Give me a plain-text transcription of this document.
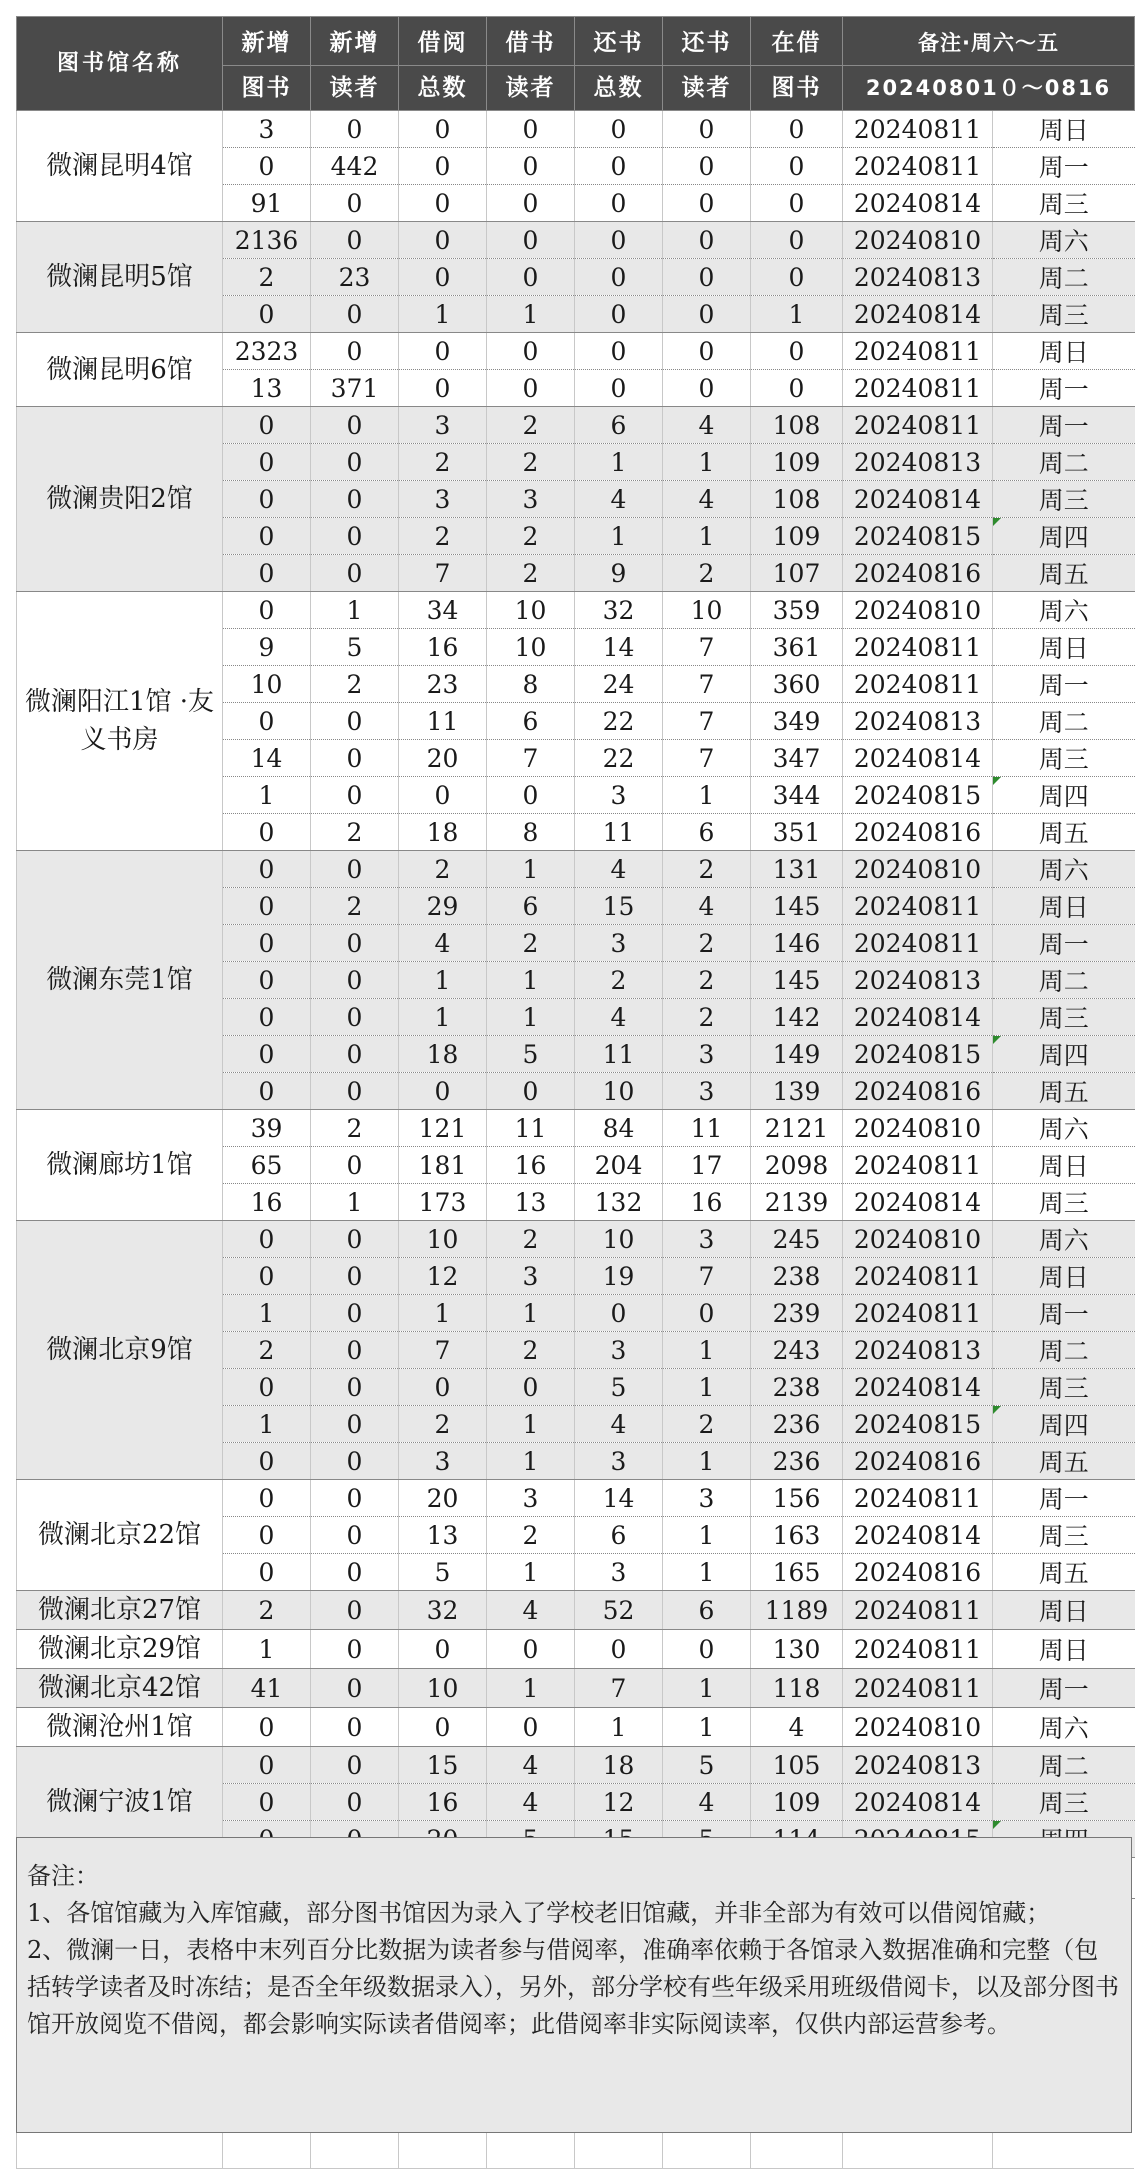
图书馆名称	新增	新增	借阅	借书	还书	还书	在借	备注·周六～五	
	图书	读者	总数	读者	总数	读者	图书	20240801０～0816	
微澜昆明4馆	3	0	0	0	0	0	0	20240811	周日
	0	442	0	0	0	0	0	20240811	周一
	91	0	0	0	0	0	0	20240814	周三
微澜昆明5馆	2136	0	0	0	0	0	0	20240810	周六
	2	23	0	0	0	0	0	20240813	周二
	0	0	1	1	0	0	1	20240814	周三
微澜昆明6馆	2323	0	0	0	0	0	0	20240811	周日
	13	371	0	0	0	0	0	20240811	周一
微澜贵阳2馆	0	0	3	2	6	4	108	20240811	周一
	0	0	2	2	1	1	109	20240813	周二
	0	0	3	3	4	4	108	20240814	周三
	0	0	2	2	1	1	109	20240815	周四
	0	0	7	2	9	2	107	20240816	周五
微澜阳江1馆 ·友义书房	0	1	34	10	32	10	359	20240810	周六
	9	5	16	10	14	7	361	20240811	周日
	10	2	23	8	24	7	360	20240811	周一
	0	0	11	6	22	7	349	20240813	周二
	14	0	20	7	22	7	347	20240814	周三
	1	0	0	0	3	1	344	20240815	周四
	0	2	18	8	11	6	351	20240816	周五
微澜东莞1馆	0	0	2	1	4	2	131	20240810	周六
	0	2	29	6	15	4	145	20240811	周日
	0	0	4	2	3	2	146	20240811	周一
	0	0	1	1	2	2	145	20240813	周二
	0	0	1	1	4	2	142	20240814	周三
	0	0	18	5	11	3	149	20240815	周四
	0	0	0	0	10	3	139	20240816	周五
微澜廊坊1馆	39	2	121	11	84	11	2121	20240810	周六
	65	0	181	16	204	17	2098	20240811	周日
	16	1	173	13	132	16	2139	20240814	周三
微澜北京9馆	0	0	10	2	10	3	245	20240810	周六
	0	0	12	3	19	7	238	20240811	周日
	1	0	1	1	0	0	239	20240811	周一
	2	0	7	2	3	1	243	20240813	周二
	0	0	0	0	5	1	238	20240814	周三
	1	0	2	1	4	2	236	20240815	周四
	0	0	3	1	3	1	236	20240816	周五
微澜北京22馆	0	0	20	3	14	3	156	20240811	周一
	0	0	13	2	6	1	163	20240814	周三
	0	0	5	1	3	1	165	20240816	周五
微澜北京27馆	2	0	32	4	52	6	1189	20240811	周日
微澜北京29馆	1	0	0	0	0	0	130	20240811	周日
微澜北京42馆	41	0	10	1	7	1	118	20240811	周一
微澜沧州1馆	0	0	0	0	1	1	4	20240810	周六
微澜宁波1馆	0	0	15	4	18	5	105	20240813	周二
	0	0	16	4	12	4	109	20240814	周三

备注：

1、各馆馆藏为入库馆藏，部分图书馆因为录入了学校老旧馆藏，并非全部为有效可以借阅馆藏；

2、微澜一日，表格中末列百分比数据为读者参与借阅率，准确率依赖于各馆录入数据准确和完整（包括转学读者及时冻结；是否全年级数据录入），另外，部分学校有些年级采用班级借阅卡，以及部分图书馆开放阅览不借阅，都会影响实际读者借阅率；此借阅率非实际阅读率，仅供内部运营参考。
